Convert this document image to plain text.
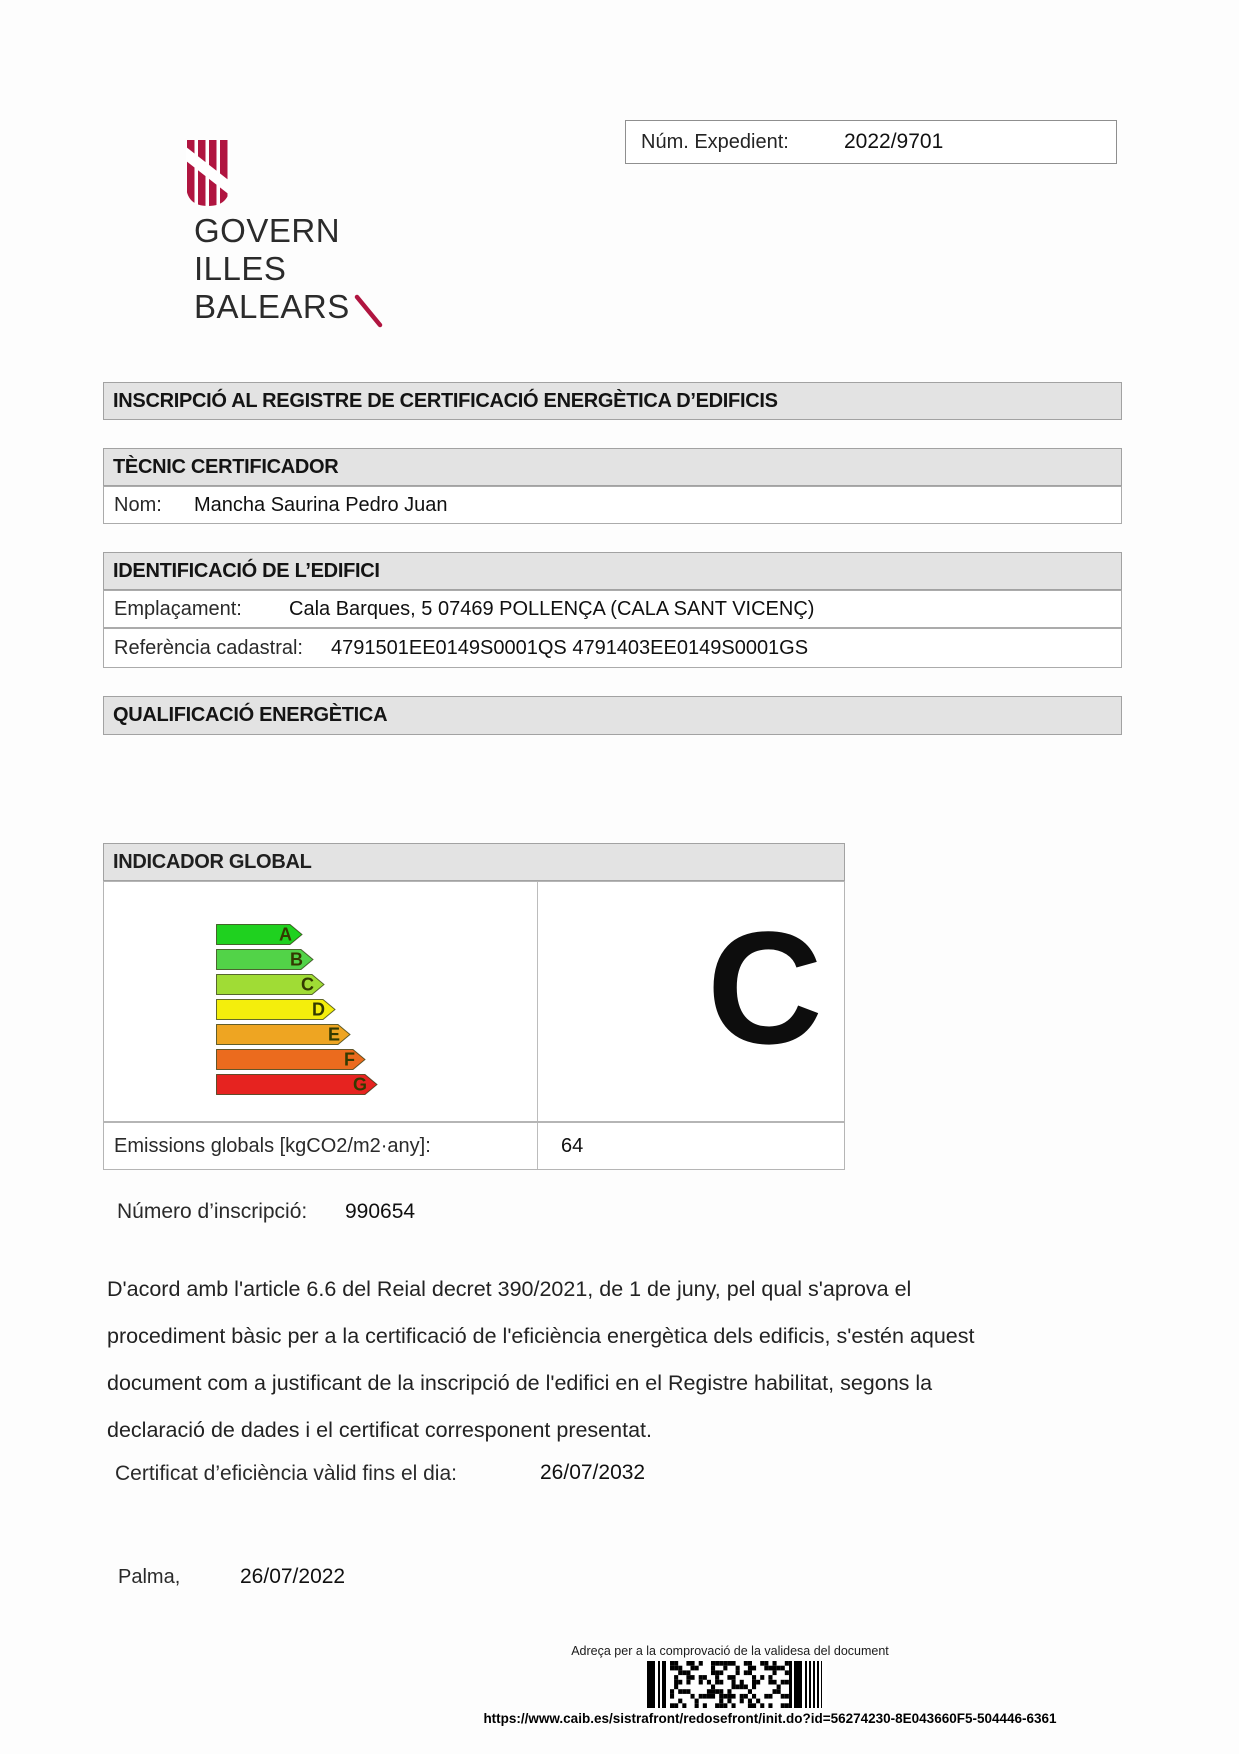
GOVERN
ILLES
BALEARS
Núm. Expedient:	2022/9701
INSCRIPCIÓ AL REGISTRE DE CERTIFICACIÓ ENERGÈTICA D’EDIFICIS
TÈCNIC CERTIFICADOR
Nom: Mancha Saurina Pedro Juan
IDENTIFICACIÓ DE L’EDIFICI
Emplaçament: Cala Barques, 5 07469 POLLENÇA (CALA SANT VICENÇ)
Referència cadastral: 4791501EE0149S0001QS 4791403EE0149S0001GS
QUALIFICACIÓ ENERGÈTICA
INDICADOR GLOBAL
A
B
C
D
E
F
G
C
Emissions globals [kgCO2/m2·any]:	64
Número d’inscripció: 990654
D'acord amb l'article 6.6 del Reial decret 390/2021, de 1 de juny, pel qual s'aprova el
procediment bàsic per a la certificació de l'eficiència energètica dels edificis, s'estén aquest
document com a justificant de la inscripció de l'edifici en el Registre habilitat, segons la
declaració de dades i el certificat corresponent presentat.
Certificat d’eficiència vàlid fins el dia:	26/07/2032
Palma,	26/07/2022
Adreça per a la comprovació de la validesa del document
https://www.caib.es/sistrafront/redosefront/init.do?id=56274230-8E043660F5-504446-6361
